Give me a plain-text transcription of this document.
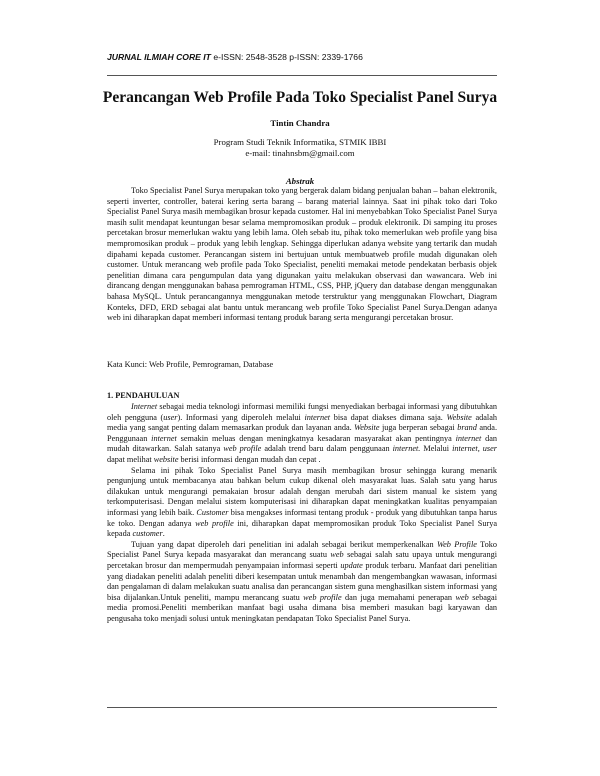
JURNAL ILMIAH CORE IT e-ISSN: 2548-3528 p-ISSN: 2339-1766
Perancangan Web Profile Pada Toko Specialist Panel Surya
Tintin Chandra
Program Studi Teknik Informatika, STMIK IBBI
e-mail: tinahnsbm@gmail.com
Abstrak

Toko Specialist Panel Surya merupakan toko yang bergerak dalam bidang penjualan bahan – bahan elektronik, seperti inverter, controller, baterai kering serta barang – barang material lainnya. Saat ini pihak toko dari Toko Specialist Panel Surya masih membagikan brosur kepada customer. Hal ini menyebabkan Toko Specialist Panel Surya masih sulit mendapat keuntungan besar selama mempromosikan produk – produk elektronik. Di samping itu proses percetakan brosur memerlukan waktu yang lebih lama. Oleh sebab itu, pihak toko memerlukan web profile yang bisa mempromosikan produk – produk yang lebih lengkap. Sehingga diperlukan adanya website yang tertarik dan mudah dipahami kepada customer. Perancangan sistem ini bertujuan untuk membuatweb profile mudah digunakan oleh customer. Untuk merancang web profile pada Toko Specialist, peneliti memakai metode pendekatan berbasis objek penelitian dimana cara pengumpulan data yang digunakan yaitu melakukan observasi dan wawancara. Web ini dirancang dengan menggunakan bahasa pemrograman HTML, CSS, PHP, jQuery dan database dengan menggunakan bahasa MySQL. Untuk perancangannya menggunakan metode terstruktur yang menggunakan Flowchart, Diagram Konteks, DFD, ERD sebagai alat bantu untuk merancang web profile Toko Specialist Panel Surya.Dengan adanya web ini diharapkan dapat memberi informasi tentang produk barang serta mengurangi percetakan brosur.

Kata Kunci: Web Profile, Pemrograman, Database

1. PENDAHULUAN

Internet sebagai media teknologi informasi memiliki fungsi menyediakan berbagai informasi yang dibutuhkan oleh pengguna (user). Informasi yang diperoleh melalui internet bisa dapat diakses dimana saja. Website adalah media yang sangat penting dalam memasarkan produk dan layanan anda. Website juga berperan sebagai brand anda. Penggunaan internet semakin meluas dengan meningkatnya kesadaran masyarakat akan pentingnya internet dan mudah ditawarkan. Salah satanya web profile adalah trend baru dalam penggunaan internet. Melalui internet, user dapat melihat website berisi informasi dengan mudah dan cepat .

Selama ini pihak Toko Specialist Panel Surya masih membagikan brosur sehingga kurang menarik pengunjung untuk membacanya atau bahkan belum cukup dikenal oleh masyarakat luas. Salah satu yang harus dilakukan untuk mengurangi pemakaian brosur adalah dengan merubah dari sistem manual ke sistem yang terkomputerisasi. Dengan melalui sistem komputerisasi ini diharapkan dapat meningkatkan kualitas penyampaian informasi yang lebih baik. Customer bisa mengakses informasi tentang produk - produk yang dibutuhkan tanpa harus ke toko. Dengan adanya web profile ini, diharapkan dapat mempromosikan produk Toko Specialist Panel Surya kepada customer.

Tujuan yang dapat diperoleh dari penelitian ini adalah sebagai berikut memperkenalkan Web Profile Toko Specialist Panel Surya kepada masyarakat dan merancang suatu web sebagai salah satu upaya untuk mengurangi percetakan brosur dan mempermudah penyampaian informasi seperti update produk terbaru. Manfaat dari penelitian yang diadakan peneliti adalah peneliti diberi kesempatan untuk menambah dan mengembangkan wawasan, informasi dan pengalaman di dalam melakukan suatu analisa dan perancangan sistem guna menghasilkan sistem informasi yang bisa dijalankan.Untuk peneliti, mampu merancang suatu web profile dan juga memahami penerapan web sebagai media promosi.Peneliti memberikan manfaat bagi usaha dimana bisa memberi masukan bagi karyawan dan pengusaha toko menjadi solusi untuk meningkatan pendapatan Toko Specialist Panel Surya.
